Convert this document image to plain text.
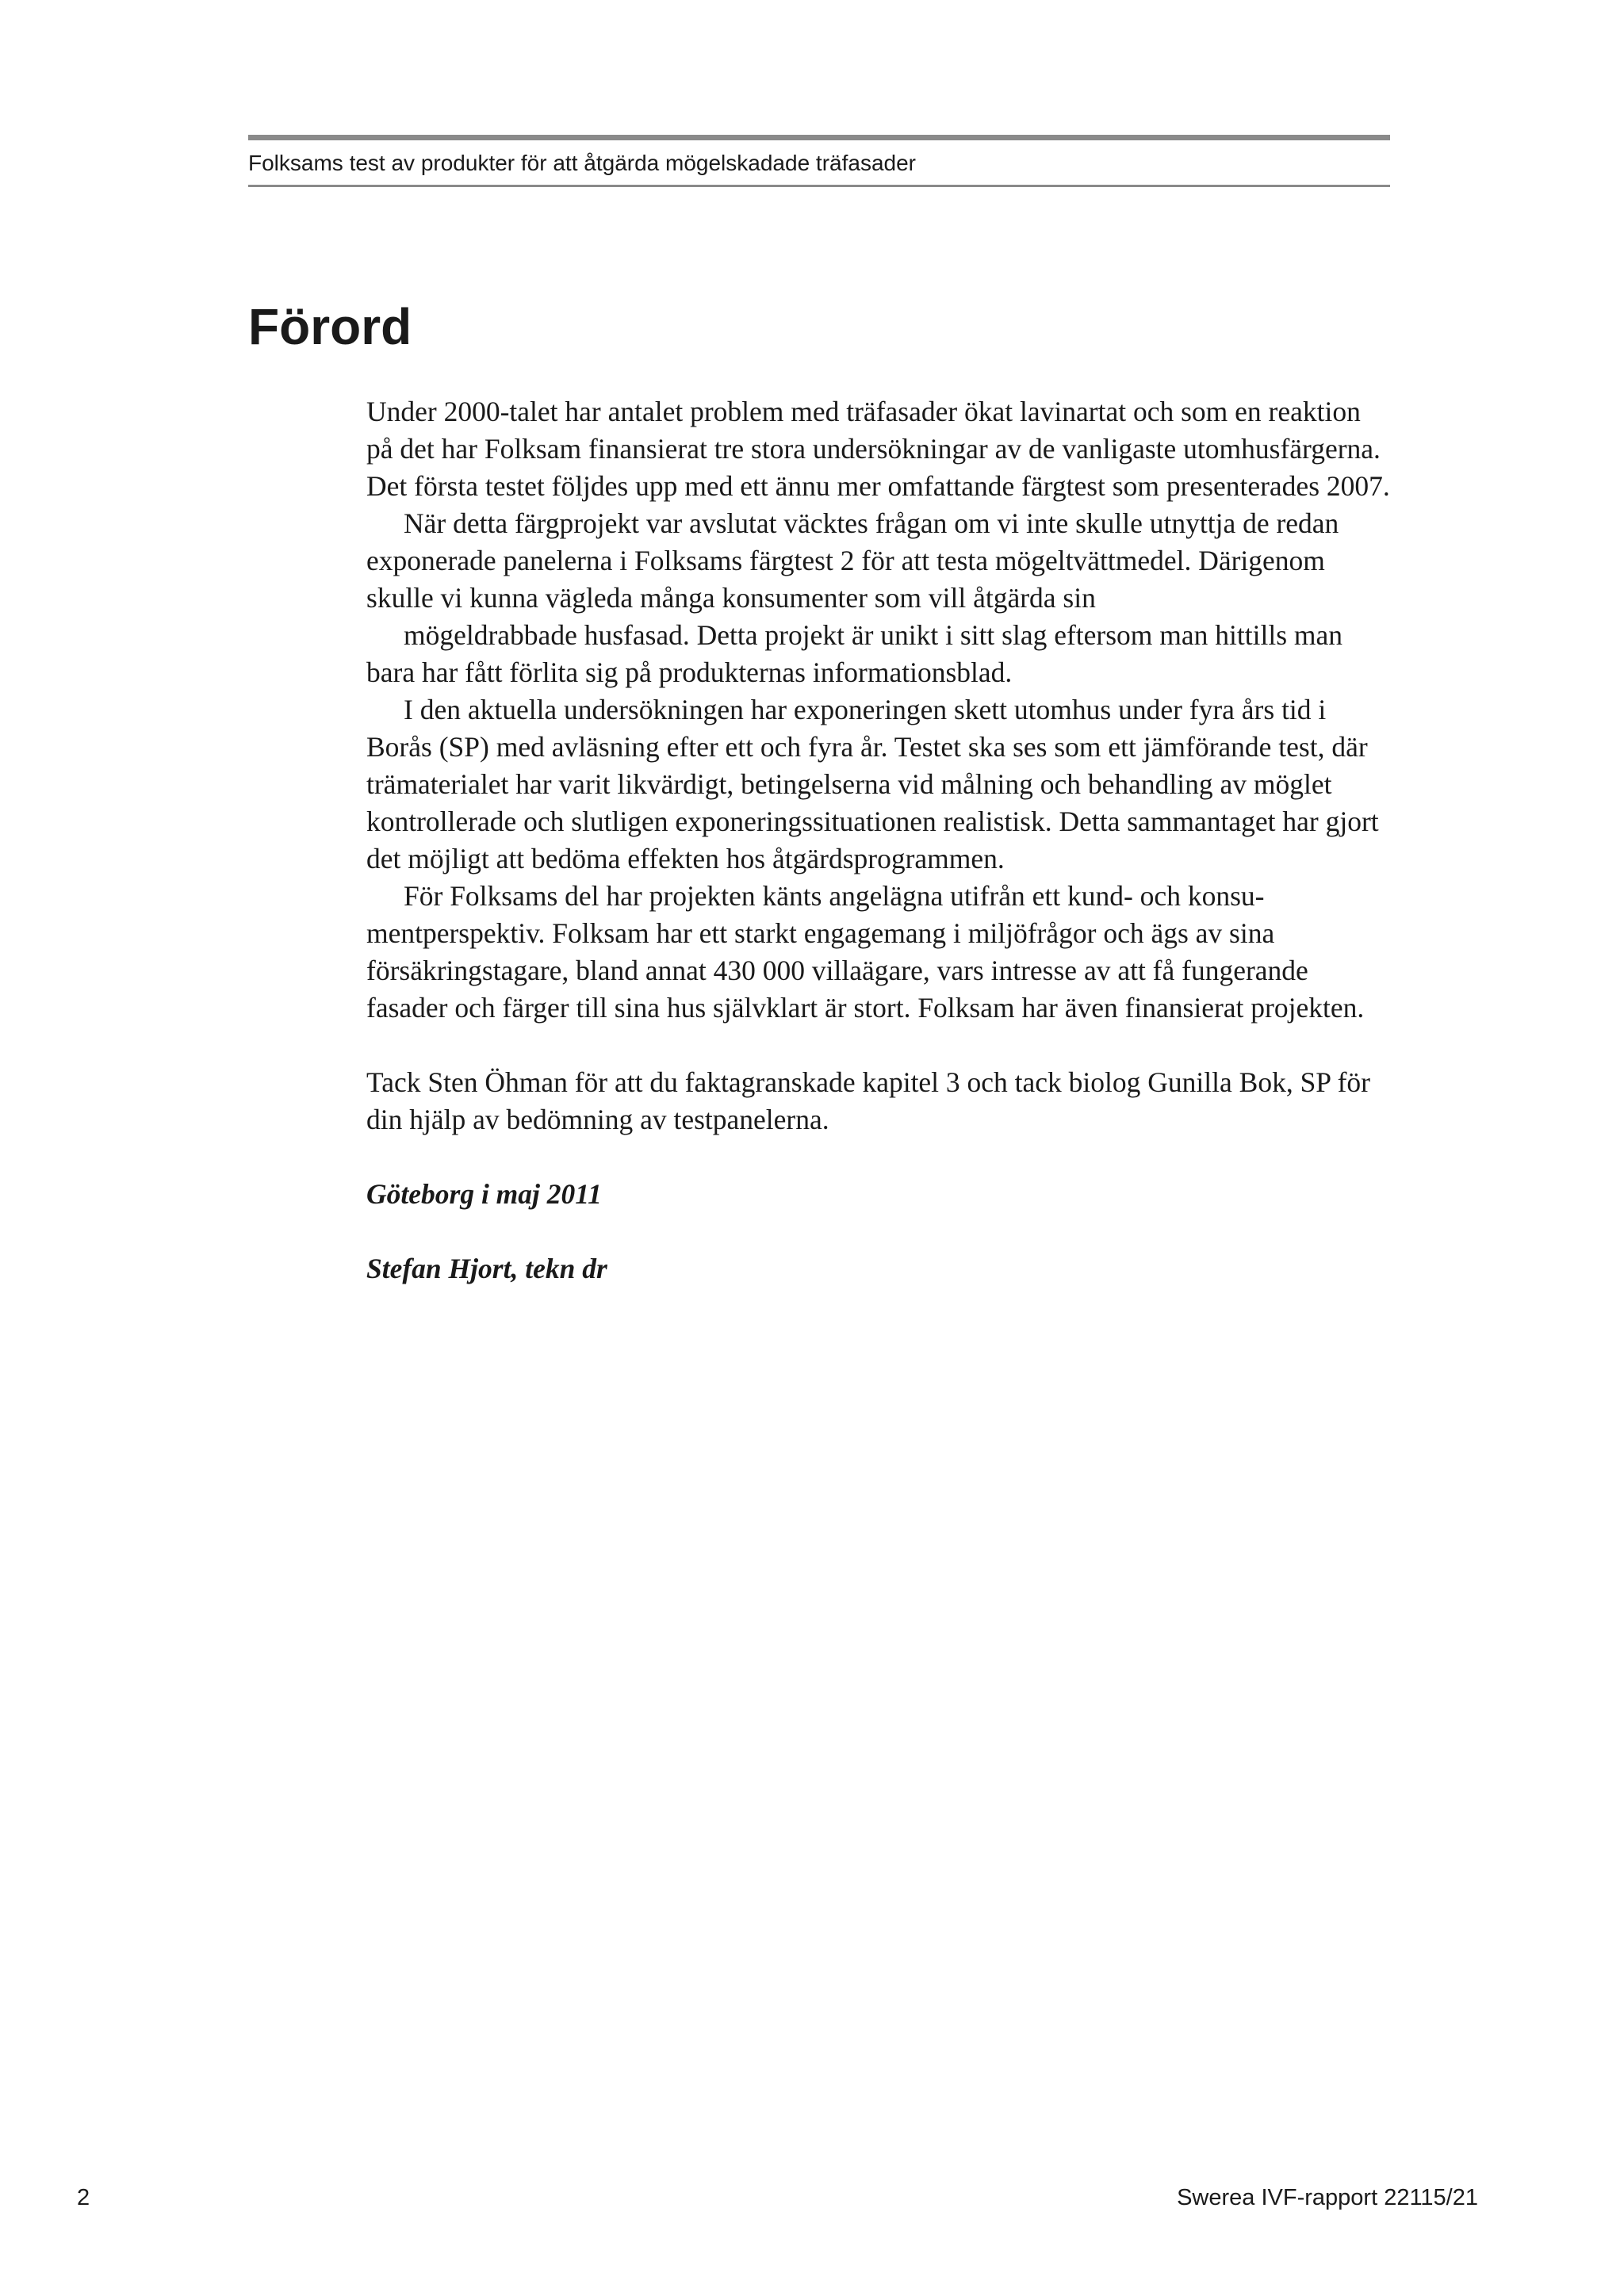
Folksams test av produkter för att åtgärda mögelskadade träfasader
Förord

Under 2000-talet har antalet problem med träfasader ökat lavinartat och som en reaktion på det har Folksam finansierat tre stora undersökningar av de vanligaste utomhusfärgerna. Det första testet följdes upp med ett ännu mer omfattande färgtest som presenterades 2007.

När detta färgprojekt var avslutat väcktes frågan om vi inte skulle utnyttja de redan exponerade panelerna i Folksams färgtest 2 för att testa mögeltvättmedel. Därigenom skulle vi kunna vägleda många konsumenter som vill åtgärda sin

mögeldrabbade husfasad. Detta projekt är unikt i sitt slag eftersom man hittills man bara har fått förlita sig på produkternas informationsblad.

I den aktuella undersökningen har exponeringen skett utomhus under fyra års tid i Borås (SP) med avläsning efter ett och fyra år. Testet ska ses som ett jämförande test, där trämaterialet har varit likvärdigt, betingelserna vid målning och behandling av möglet kontrollerade och slutligen exponeringssituationen realistisk. Detta sammantaget har gjort det möjligt att bedöma effekten hos åtgärdsprogrammen.

För Folksams del har projekten känts angelägna utifrån ett kund- och konsu-mentperspektiv. Folksam har ett starkt engagemang i miljöfrågor och ägs av sina försäkringstagare, bland annat 430 000 villaägare, vars intresse av att få fungerande fasader och färger till sina hus självklart är stort. Folksam har även finansierat projekten.

Tack Sten Öhman för att du faktagranskade kapitel 3 och tack biolog Gunilla Bok, SP för din hjälp av bedömning av testpanelerna.

Göteborg i maj 2011

Stefan Hjort, tekn dr

2	Swerea IVF-rapport 22115/21
